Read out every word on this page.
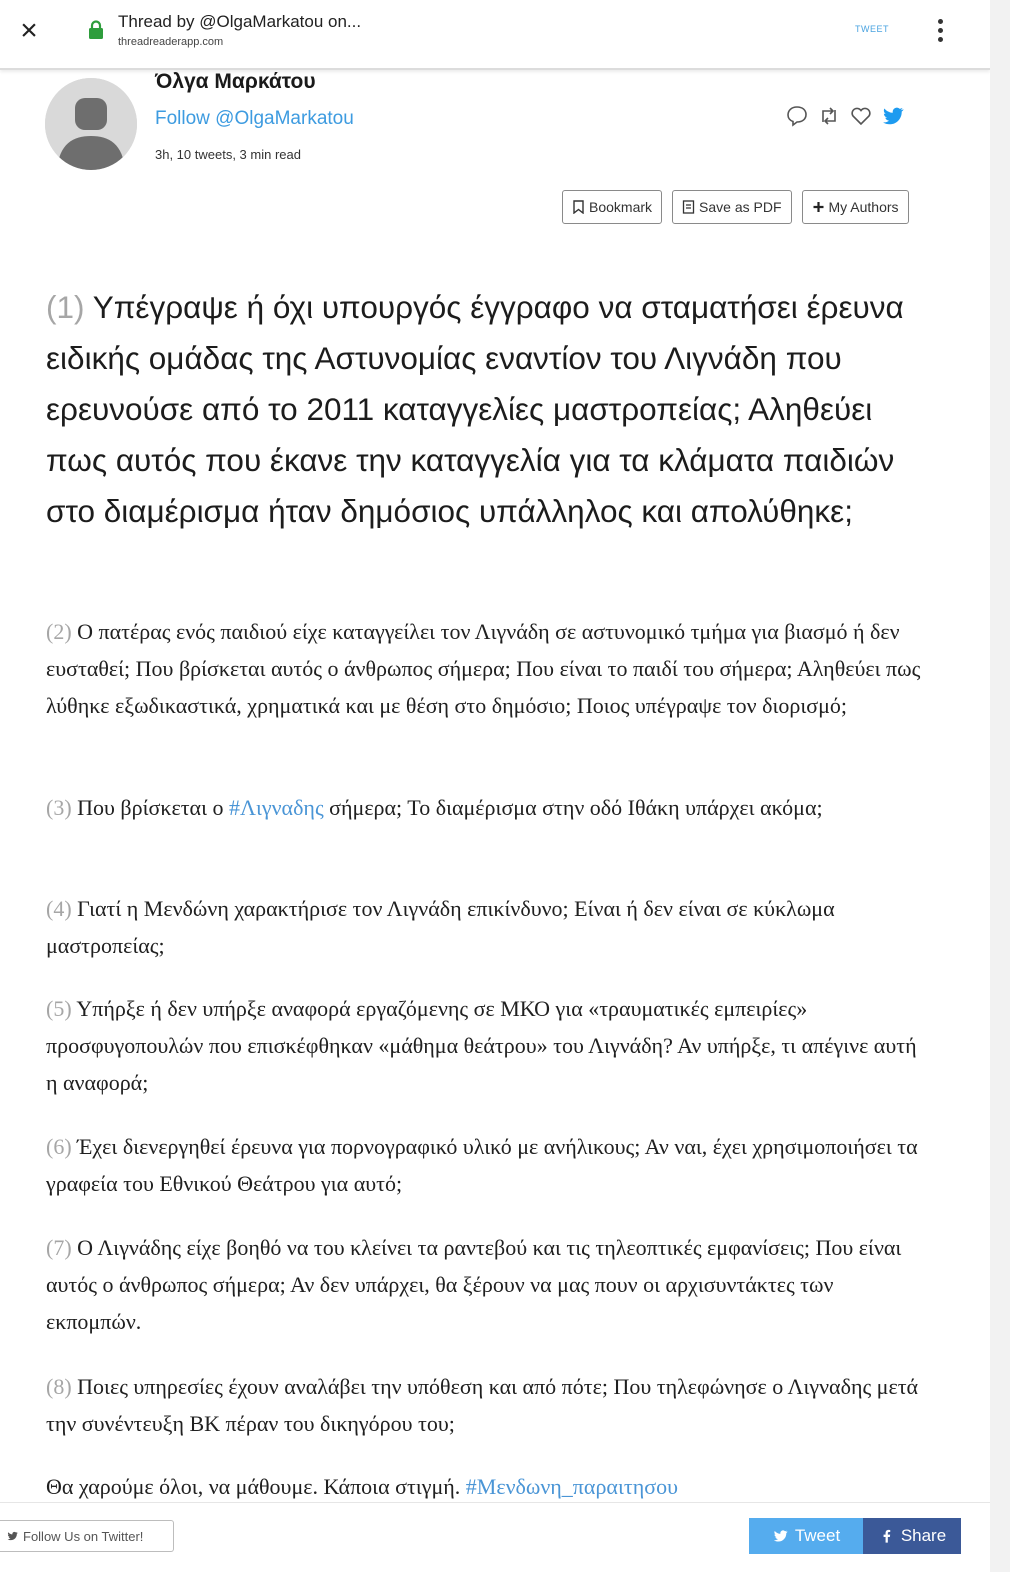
×	Thread by @OlgaMarkatou on...
threadreaderapp.com
TWEET
Όλγα Μαρκάτου
Follow @OlgaMarkatou
3h, 10 tweets, 3 min read
Bookmark	Save as PDF	My Authors
(1) Υπέγραψε ή όχι υπουργός έγγραφο να σταματήσει έρευνα ειδικής ομάδας της Αστυνομίας εναντίον του Λιγνάδη που ερευνούσε από το 2011 καταγγελίες μαστροπείας; Αληθεύει πως αυτός που έκανε την καταγγελία για τα κλάματα παιδιών στο διαμέρισμα ήταν δημόσιος υπάλληλος και απολύθηκε;
(2) Ο πατέρας ενός παιδιού είχε καταγγείλει τον Λιγνάδη σε αστυνομικό τμήμα για βιασμό ή δεν ευσταθεί; Που βρίσκεται αυτός ο άνθρωπος σήμερα; Που είναι το παιδί του σήμερα; Αληθεύει πως λύθηκε εξωδικαστικά, χρηματικά και με θέση στο δημόσιο; Ποιος υπέγραψε τον διορισμό;
(3) Που βρίσκεται ο #Λιγναδης σήμερα; Το διαμέρισμα στην οδό Ιθάκη υπάρχει ακόμα;
(4) Γιατί η Μενδώνη χαρακτήρισε τον Λιγνάδη επικίνδυνο; Είναι ή δεν είναι σε κύκλωμα μαστροπείας;
(5) Υπήρξε ή δεν υπήρξε αναφορά εργαζόμενης σε ΜΚΟ για «τραυματικές εμπειρίες» προσφυγοπουλών που επισκέφθηκαν «μάθημα θεάτρου» του Λιγνάδη? Αν υπήρξε, τι απέγινε αυτή η αναφορά;
(6) Έχει διενεργηθεί έρευνα για πορνογραφικό υλικό με ανήλικους; Αν ναι, έχει χρησιμοποιήσει τα γραφεία του Εθνικού Θεάτρου για αυτό;
(7) Ο Λιγνάδης είχε βοηθό να του κλείνει τα ραντεβού και τις τηλεοπτικές εμφανίσεις; Που είναι αυτός ο άνθρωπος σήμερα; Αν δεν υπάρχει, θα ξέρουν να μας πουν οι αρχισυντάκτες των εκπομπών.
(8) Ποιες υπηρεσίες έχουν αναλάβει την υπόθεση και από πότε; Που τηλεφώνησε ο Λιγναδης μετά την συνέντευξη ΒΚ πέραν του δικηγόρου του;
Θα χαρούμε όλοι, να μάθουμε. Κάποια στιγμή. #Μενδωνη_παραιτησου
Follow Us on Twitter!	Tweet	Share
